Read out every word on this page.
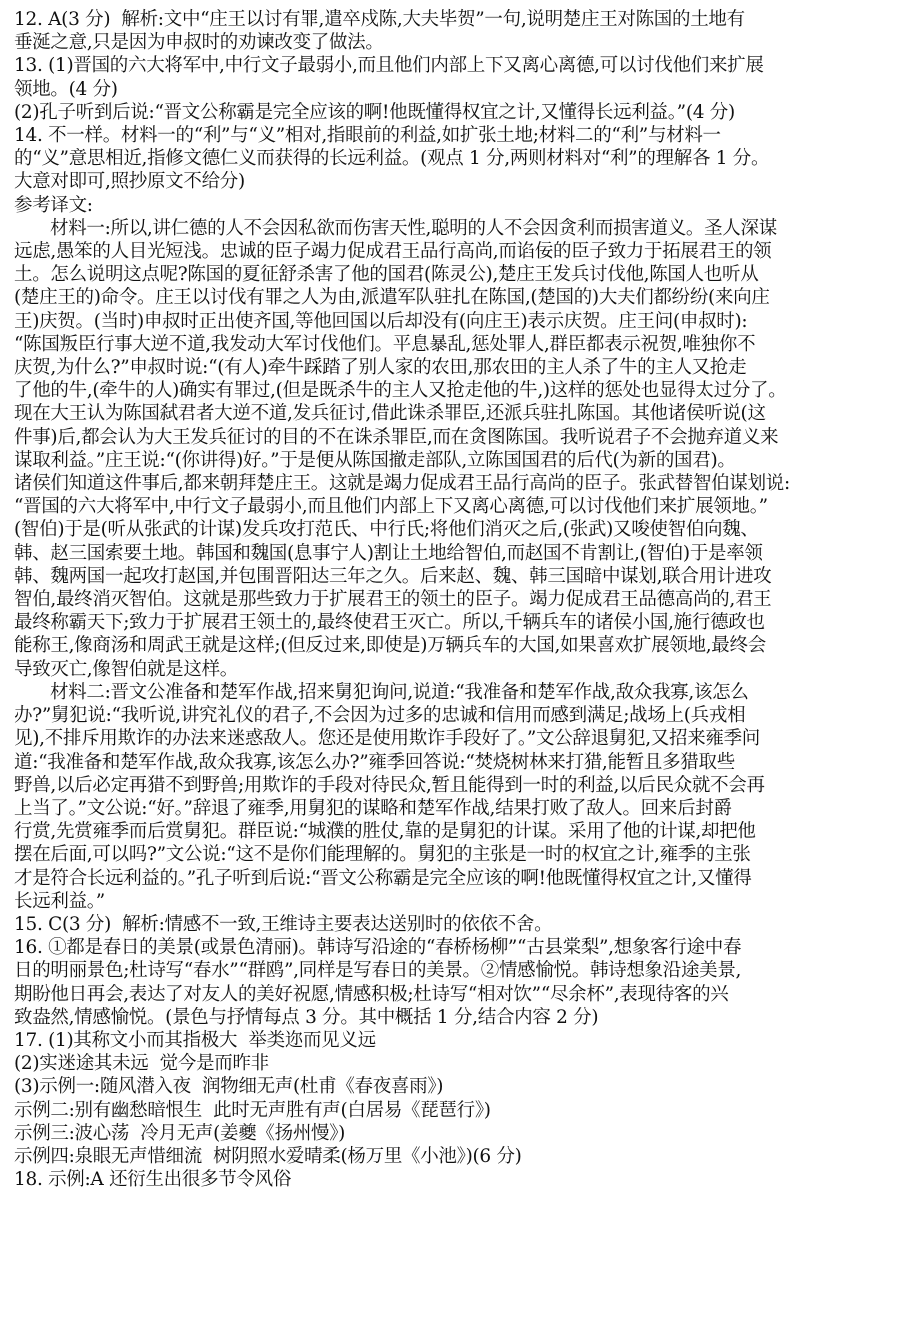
12. A(3 分)  解析:文中“庄王以讨有罪,遣卒戍陈,大夫毕贺”一句,说明楚庄王对陈国的土地有
垂涎之意,只是因为申叔时的劝谏改变了做法。
13. (1)晋国的六大将军中,中行文子最弱小,而且他们内部上下又离心离德,可以讨伐他们来扩展
领地。(4 分)
(2)孔子听到后说:“晋文公称霸是完全应该的啊!他既懂得权宜之计,又懂得长远利益。”(4 分)
14. 不一样。材料一的“利”与“义”相对,指眼前的利益,如扩张土地;材料二的“利”与材料一
的“义”意思相近,指修文德仁义而获得的长远利益。(观点 1 分,两则材料对“利”的理解各 1 分。
大意对即可,照抄原文不给分)
参考译文:
材料一:所以,讲仁德的人不会因私欲而伤害天性,聪明的人不会因贪利而损害道义。圣人深谋
远虑,愚笨的人目光短浅。忠诚的臣子竭力促成君王品行高尚,而谄佞的臣子致力于拓展君王的领
土。怎么说明这点呢?陈国的夏征舒杀害了他的国君(陈灵公),楚庄王发兵讨伐他,陈国人也听从
(楚庄王的)命令。庄王以讨伐有罪之人为由,派遣军队驻扎在陈国,(楚国的)大夫们都纷纷(来向庄
王)庆贺。(当时)申叔时正出使齐国,等他回国以后却没有(向庄王)表示庆贺。庄王问(申叔时):
“陈国叛臣行事大逆不道,我发动大军讨伐他们。平息暴乱,惩处罪人,群臣都表示祝贺,唯独你不
庆贺,为什么?”申叔时说:“(有人)牵牛踩踏了别人家的农田,那农田的主人杀了牛的主人又抢走
了他的牛,(牵牛的人)确实有罪过,(但是既杀牛的主人又抢走他的牛,)这样的惩处也显得太过分了。
现在大王认为陈国弑君者大逆不道,发兵征讨,借此诛杀罪臣,还派兵驻扎陈国。其他诸侯听说(这
件事)后,都会认为大王发兵征讨的目的不在诛杀罪臣,而在贪图陈国。我听说君子不会抛弃道义来
谋取利益。”庄王说:“(你讲得)好。”于是便从陈国撤走部队,立陈国国君的后代(为新的国君)。
诸侯们知道这件事后,都来朝拜楚庄王。这就是竭力促成君王品行高尚的臣子。张武替智伯谋划说:
“晋国的六大将军中,中行文子最弱小,而且他们内部上下又离心离德,可以讨伐他们来扩展领地。”
(智伯)于是(听从张武的计谋)发兵攻打范氏、中行氏;将他们消灭之后,(张武)又唆使智伯向魏、
韩、赵三国索要土地。韩国和魏国(息事宁人)割让土地给智伯,而赵国不肯割让,(智伯)于是率领
韩、魏两国一起攻打赵国,并包围晋阳达三年之久。后来赵、魏、韩三国暗中谋划,联合用计进攻
智伯,最终消灭智伯。这就是那些致力于扩展君王的领土的臣子。竭力促成君王品德高尚的,君王
最终称霸天下;致力于扩展君王领土的,最终使君王灭亡。所以,千辆兵车的诸侯小国,施行德政也
能称王,像商汤和周武王就是这样;(但反过来,即使是)万辆兵车的大国,如果喜欢扩展领地,最终会
导致灭亡,像智伯就是这样。
材料二:晋文公准备和楚军作战,招来舅犯询问,说道:“我准备和楚军作战,敌众我寡,该怎么
办?”舅犯说:“我听说,讲究礼仪的君子,不会因为过多的忠诚和信用而感到满足;战场上(兵戎相
见),不排斥用欺诈的办法来迷惑敌人。您还是使用欺诈手段好了。”文公辞退舅犯,又招来雍季问
道:“我准备和楚军作战,敌众我寡,该怎么办?”雍季回答说:“焚烧树林来打猎,能暂且多猎取些
野兽,以后必定再猎不到野兽;用欺诈的手段对待民众,暂且能得到一时的利益,以后民众就不会再
上当了。”文公说:“好。”辞退了雍季,用舅犯的谋略和楚军作战,结果打败了敌人。回来后封爵
行赏,先赏雍季而后赏舅犯。群臣说:“城濮的胜仗,靠的是舅犯的计谋。采用了他的计谋,却把他
摆在后面,可以吗?”文公说:“这不是你们能理解的。舅犯的主张是一时的权宜之计,雍季的主张
才是符合长远利益的。”孔子听到后说:“晋文公称霸是完全应该的啊!他既懂得权宜之计,又懂得
长远利益。”
15. C(3 分)  解析:情感不一致,王维诗主要表达送别时的依依不舍。
16. ①都是春日的美景(或景色清丽)。韩诗写沿途的“春桥杨柳”“古县棠梨”,想象客行途中春
日的明丽景色;杜诗写“春水”“群鸥”,同样是写春日的美景。②情感愉悦。韩诗想象沿途美景,
期盼他日再会,表达了对友人的美好祝愿,情感积极;杜诗写“相对饮”“尽余杯”,表现待客的兴
致盎然,情感愉悦。(景色与抒情每点 3 分。其中概括 1 分,结合内容 2 分)
17. (1)其称文小而其指极大  举类迩而见义远
(2)实迷途其未远  觉今是而昨非
(3)示例一:随风潜入夜  润物细无声(杜甫《春夜喜雨》)
示例二:别有幽愁暗恨生  此时无声胜有声(白居易《琵琶行》)
示例三:波心荡  冷月无声(姜夔《扬州慢》)
示例四:泉眼无声惜细流  树阴照水爱晴柔(杨万里《小池》)(6 分)
18. 示例:A 还衍生出很多节令风俗
